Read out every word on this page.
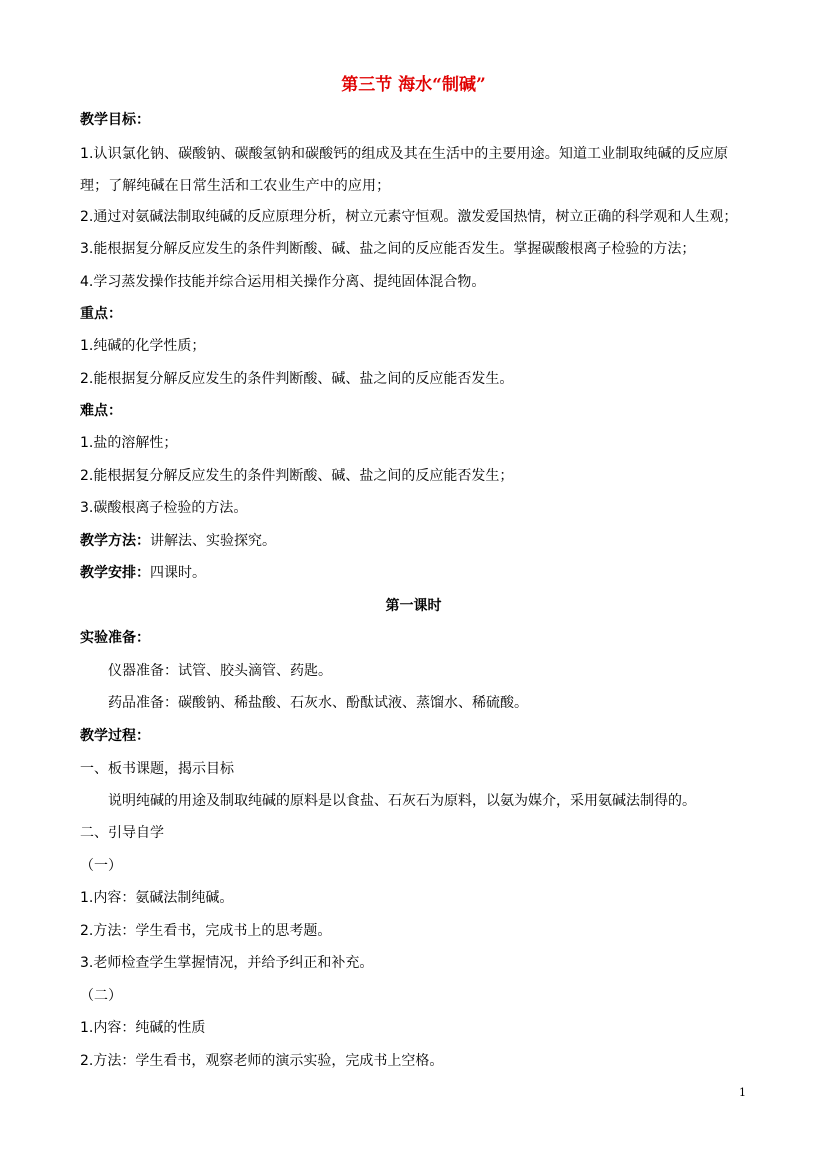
第三节 海水“制碱”
教学目标：
1.认识氯化钠、碳酸钠、碳酸氢钠和碳酸钙的组成及其在生活中的主要用途。知道工业制取纯碱的反应原理；了解纯碱在日常生活和工农业生产中的应用；
2.通过对氨碱法制取纯碱的反应原理分析，树立元素守恒观。激发爱国热情，树立正确的科学观和人生观；
3.能根据复分解反应发生的条件判断酸、碱、盐之间的反应能否发生。掌握碳酸根离子检验的方法；
4.学习蒸发操作技能并综合运用相关操作分离、提纯固体混合物。
重点：
1.纯碱的化学性质；
2.能根据复分解反应发生的条件判断酸、碱、盐之间的反应能否发生。
难点：
1.盐的溶解性；
2.能根据复分解反应发生的条件判断酸、碱、盐之间的反应能否发生；
3.碳酸根离子检验的方法。
教学方法：讲解法、实验探究。
教学安排：四课时。
第一课时
实验准备：
仪器准备：试管、胶头滴管、药匙。
药品准备：碳酸钠、稀盐酸、石灰水、酚酞试液、蒸馏水、稀硫酸。
教学过程：
一、板书课题，揭示目标
说明纯碱的用途及制取纯碱的原料是以食盐、石灰石为原料，以氨为媒介，采用氨碱法制得的。
二、引导自学
（一）
1.内容：氨碱法制纯碱。
2.方法：学生看书，完成书上的思考题。
3.老师检查学生掌握情况，并给予纠正和补充。
（二）
1.内容：纯碱的性质
2.方法：学生看书，观察老师的演示实验，完成书上空格。
1
